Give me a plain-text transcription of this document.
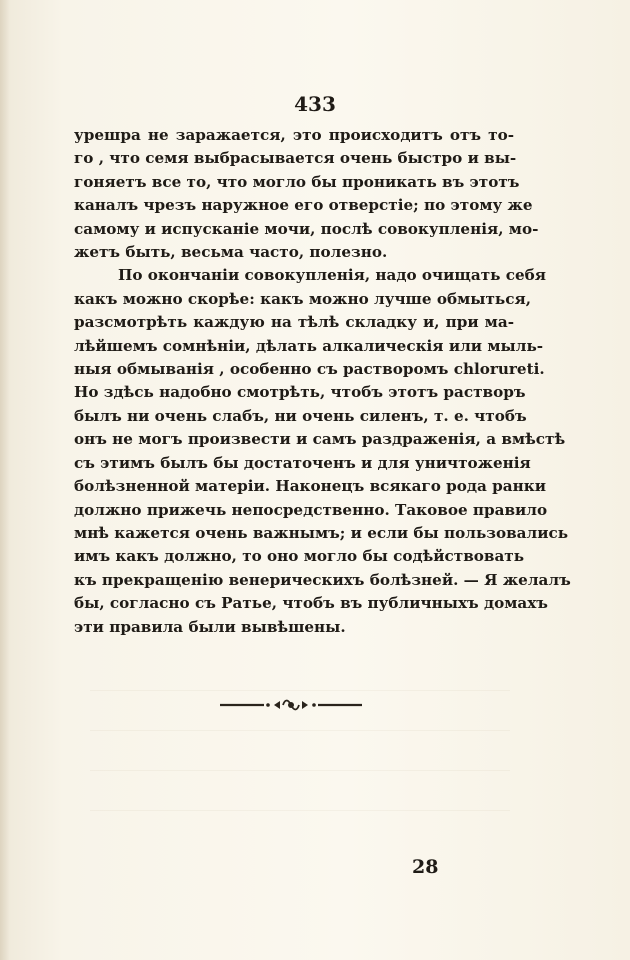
433
урешра не заражается, это происходитъ отъ то-
го , что семя выбрасывается очень быстро и вы-
гоняетъ все то, что могло бы проникать въ этотъ
каналъ чрезъ наружное его отверстіе; по этому же
самому и испусканіе мочи, послѣ совокупленія, мо-
жетъ быть, весьма часто, полезно.
По окончаніи совокупленія, надо очищать себя
какъ можно скорѣе: какъ можно лучше обмыться,
разсмотрѣть каждую на тѣлѣ складку и, при ма-
лѣйшемъ сомнѣніи, дѣлать алкалическія или мыль-
ныя обмыванія , особенно съ растворомъ chlorureti.
Но здѣсь надобно смотрѣть, чтобъ этотъ растворъ
былъ ни очень слабъ, ни очень силенъ, т. е. чтобъ
онъ не могъ произвести и самъ раздраженія, а вмѣстѣ
съ этимъ былъ бы достаточенъ и для уничтоженія
болѣзненной матеріи. Наконецъ всякаго рода ранки
должно прижечь непосредственно. Таковое правило
мнѣ кажется очень важнымъ; и если бы пользовались
имъ какъ должно, то оно могло бы содѣйствовать
къ прекращенію венерическихъ болѣзней. — Я желалъ
бы, согласно съ Ратье, чтобъ въ публичныхъ домахъ
эти правила были вывѣшены.
28
